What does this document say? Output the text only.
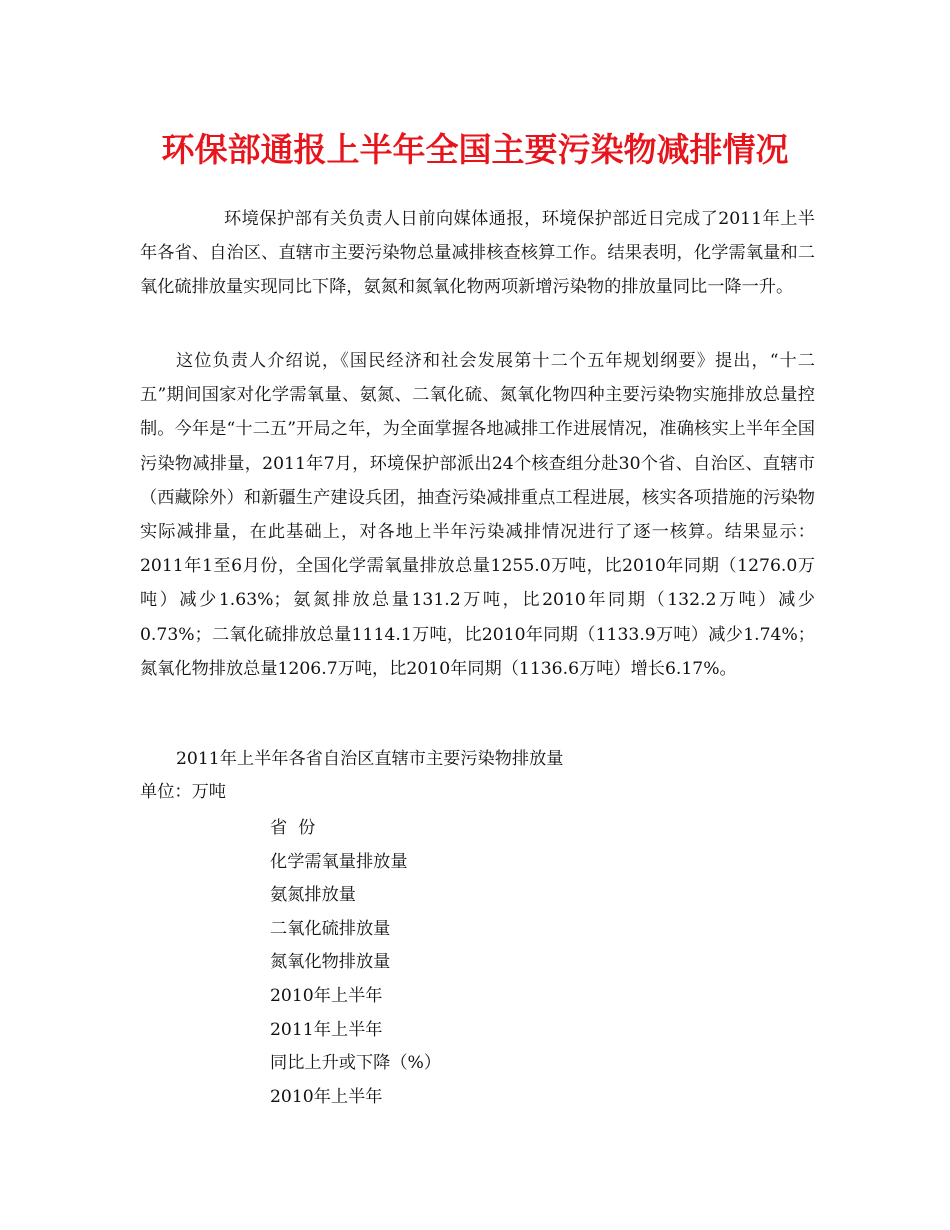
环保部通报上半年全国主要污染物减排情况

环境保护部有关负责人日前向媒体通报，环境保护部近日完成了2011年上半年各省、自治区、直辖市主要污染物总量减排核查核算工作。结果表明，化学需氧量和二氧化硫排放量实现同比下降，氨氮和氮氧化物两项新增污染物的排放量同比一降一升。

这位负责人介绍说，《国民经济和社会发展第十二个五年规划纲要》提出，“十二五”期间国家对化学需氧量、氨氮、二氧化硫、氮氧化物四种主要污染物实施排放总量控制。今年是“十二五”开局之年，为全面掌握各地减排工作进展情况，准确核实上半年全国污染物减排量，2011年7月，环境保护部派出24个核查组分赴30个省、自治区、直辖市（西藏除外）和新疆生产建设兵团，抽查污染减排重点工程进展，核实各项措施的污染物实际减排量，在此基础上，对各地上半年污染减排情况进行了逐一核算。结果显示：2011年1至6月份，全国化学需氧量排放总量1255.0万吨，比2010年同期（1276.0万吨）减少1.63%；氨氮排放总量131.2万吨，比2010年同期（132.2万吨）减少0.73%；二氧化硫排放总量1114.1万吨，比2010年同期（1133.9万吨）减少1.74%；氮氧化物排放总量1206.7万吨，比2010年同期（1136.6万吨）增长6.17%。

2011年上半年各省自治区直辖市主要污染物排放量
单位：万吨
省  份
化学需氧量排放量
氨氮排放量
二氧化硫排放量
氮氧化物排放量
2010年上半年
2011年上半年
同比上升或下降（%）
2010年上半年
